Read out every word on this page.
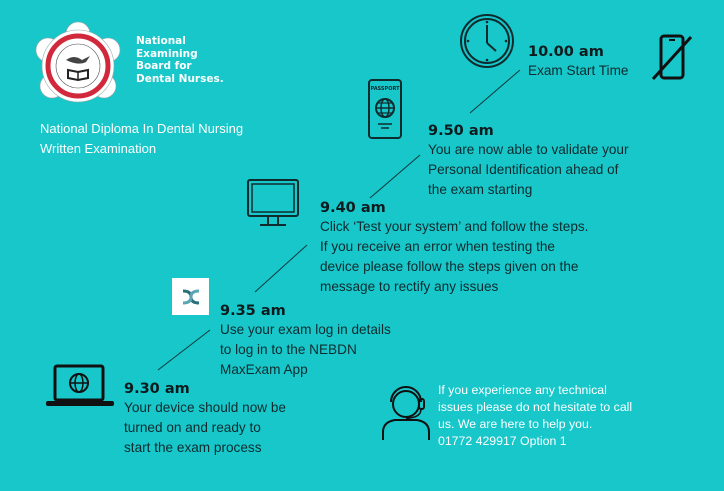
National
Examining
Board for
Dental Nurses.
National Diploma In Dental Nursing
Written Examination
10.00 am
Exam Start Time
PASSPORT
9.50 am
You are now able to validate your
Personal Identification ahead of
the exam starting
9.40 am
Click ‘Test your system’ and follow the steps.
If you receive an error when testing the
device please follow the steps given on the
message to rectify any issues
9.35 am
Use your exam log in details
to log in to the NEBDN
MaxExam App
9.30 am
Your device should now be
turned on and ready to
start the exam process
If you experience any technical
issues please do not hesitate to call
us. We are here to help you.
01772 429917 Option 1
